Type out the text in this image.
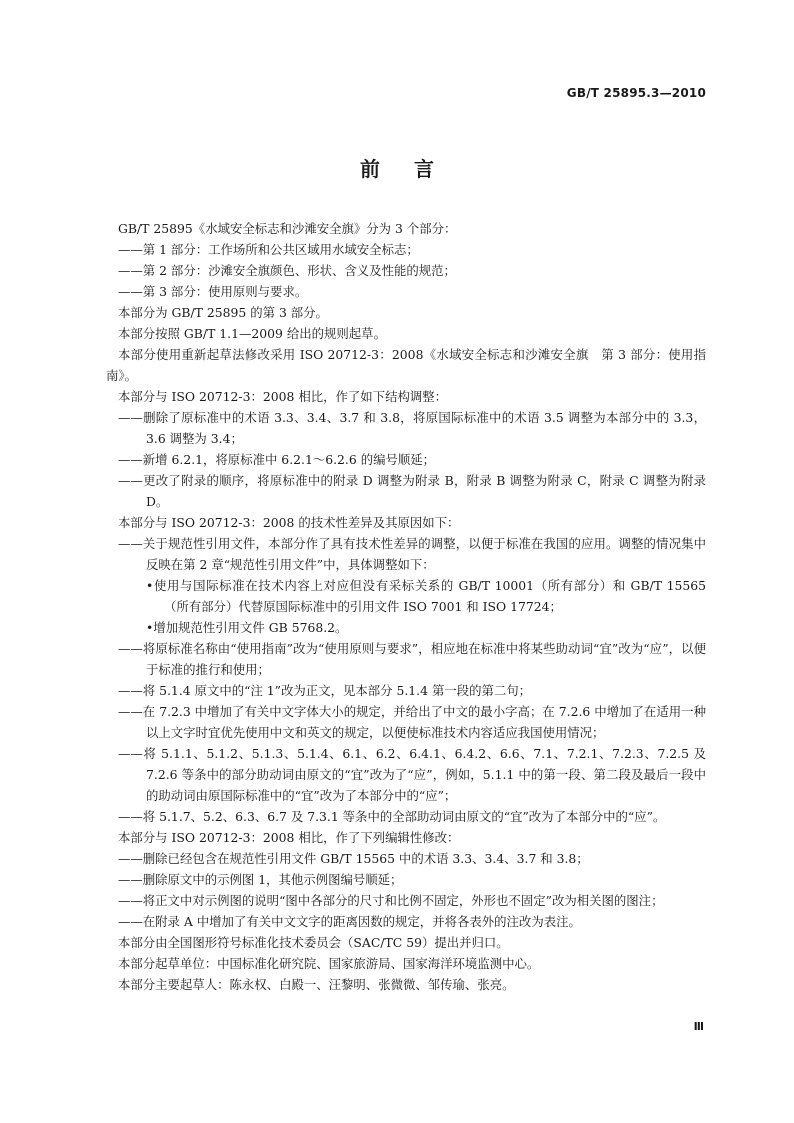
GB/T 25895.3—2010
前言

GB/T 25895《水域安全标志和沙滩安全旗》分为 3 个部分：

——第 1 部分：工作场所和公共区域用水域安全标志；

——第 2 部分：沙滩安全旗颜色、形状、含义及性能的规范；

——第 3 部分：使用原则与要求。

本部分为 GB/T 25895 的第 3 部分。

本部分按照 GB/T 1.1—2009 给出的规则起草。

本部分使用重新起草法修改采用 ISO 20712-3：2008《水域安全标志和沙滩安全旗　第 3 部分：使用指南》。

本部分与 ISO 20712-3：2008 相比，作了如下结构调整：

——删除了原标准中的术语 3.3、3.4、3.7 和 3.8，将原国际标准中的术语 3.5 调整为本部分中的 3.3，3.6 调整为 3.4；

——新增 6.2.1，将原标准中 6.2.1～6.2.6 的编号顺延；

——更改了附录的顺序，将原标准中的附录 D 调整为附录 B，附录 B 调整为附录 C，附录 C 调整为附录 D。

本部分与 ISO 20712-3：2008 的技术性差异及其原因如下：

——关于规范性引用文件，本部分作了具有技术性差异的调整，以便于标准在我国的应用。调整的情况集中反映在第 2 章“规范性引用文件”中，具体调整如下：

•使用与国际标准在技术内容上对应但没有采标关系的 GB/T 10001（所有部分）和 GB/T 15565（所有部分）代替原国际标准中的引用文件 ISO 7001 和 ISO 17724；

•增加规范性引用文件 GB 5768.2。

——将原标准名称由“使用指南”改为“使用原则与要求”，相应地在标准中将某些助动词“宜”改为“应”，以便于标准的推行和使用；

——将 5.1.4 原文中的“注 1”改为正文，见本部分 5.1.4 第一段的第二句；

——在 7.2.3 中增加了有关中文字体大小的规定，并给出了中文的最小字高；在 7.2.6 中增加了在适用一种以上文字时宜优先使用中文和英文的规定，以便使标准技术内容适应我国使用情况；

——将 5.1.1、5.1.2、5.1.3、5.1.4、6.1、6.2、6.4.1、6.4.2、6.6、7.1、7.2.1、7.2.3、7.2.5 及 7.2.6 等条中的部分助动词由原文的“宜”改为了“应”，例如，5.1.1 中的第一段、第二段及最后一段中的助动词由原国际标准中的“宜”改为了本部分中的“应”；

——将 5.1.7、5.2、6.3、6.7 及 7.3.1 等条中的全部助动词由原文的“宜”改为了本部分中的“应”。

本部分与 ISO 20712-3：2008 相比，作了下列编辑性修改：

——删除已经包含在规范性引用文件 GB/T 15565 中的术语 3.3、3.4、3.7 和 3.8；

——删除原文中的示例图 1，其他示例图编号顺延；

——将正文中对示例图的说明“图中各部分的尺寸和比例不固定，外形也不固定”改为相关图的图注；

——在附录 A 中增加了有关中文文字的距离因数的规定，并将各表外的注改为表注。

本部分由全国图形符号标准化技术委员会（SAC/TC 59）提出并归口。

本部分起草单位：中国标准化研究院、国家旅游局、国家海洋环境监测中心。

本部分主要起草人：陈永权、白殿一、汪黎明、张微微、邹传瑜、张亮。

Ⅲ
